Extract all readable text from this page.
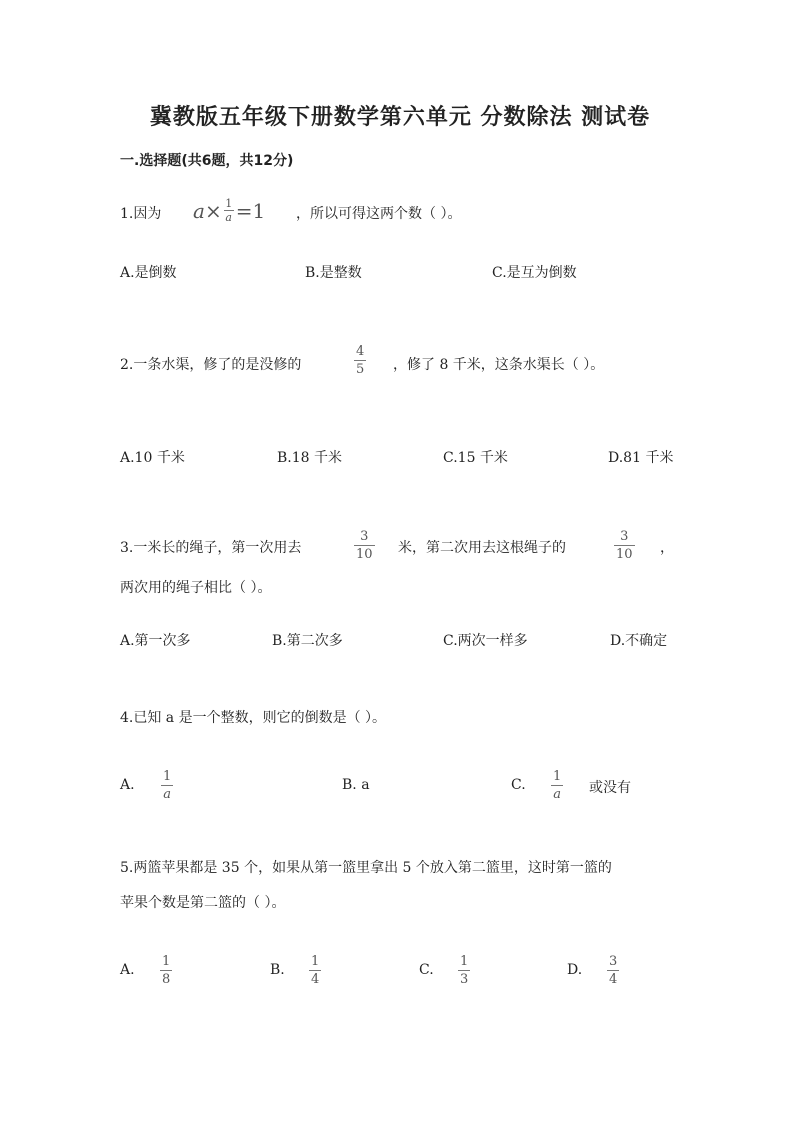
冀教版五年级下册数学第六单元 分数除法 测试卷
一.选择题(共6题，共12分)
1.因为 a × 1
a =1 ，所以可得这两个数（ ）。
A.是倒数	B.是整数	C.是互为倒数
2.一条水渠，修了的是没修的
4
5 ，修了 8 千米，这条水渠长（ ）。
A.10 千米	B.18 千米	C.15 千米	D.81 千米
3.一米长的绳子，第一次用去
3
10 米，第二次用去这根绳子的
3
10 ，
两次用的绳子相比（ ）。
A.第一次多	B.第二次多	C.两次一样多	D.不确定
4.已知 a 是一个整数，则它的倒数是（ ）。
A.
1
a
B. a	C.
1
a 或没有
5.两篮苹果都是 35 个，如果从第一篮里拿出 5 个放入第二篮里，这时第一篮的
苹果个数是第二篮的（ ）。
A.
1
8
B.
1
4
C.
1
3
D.
3
4
